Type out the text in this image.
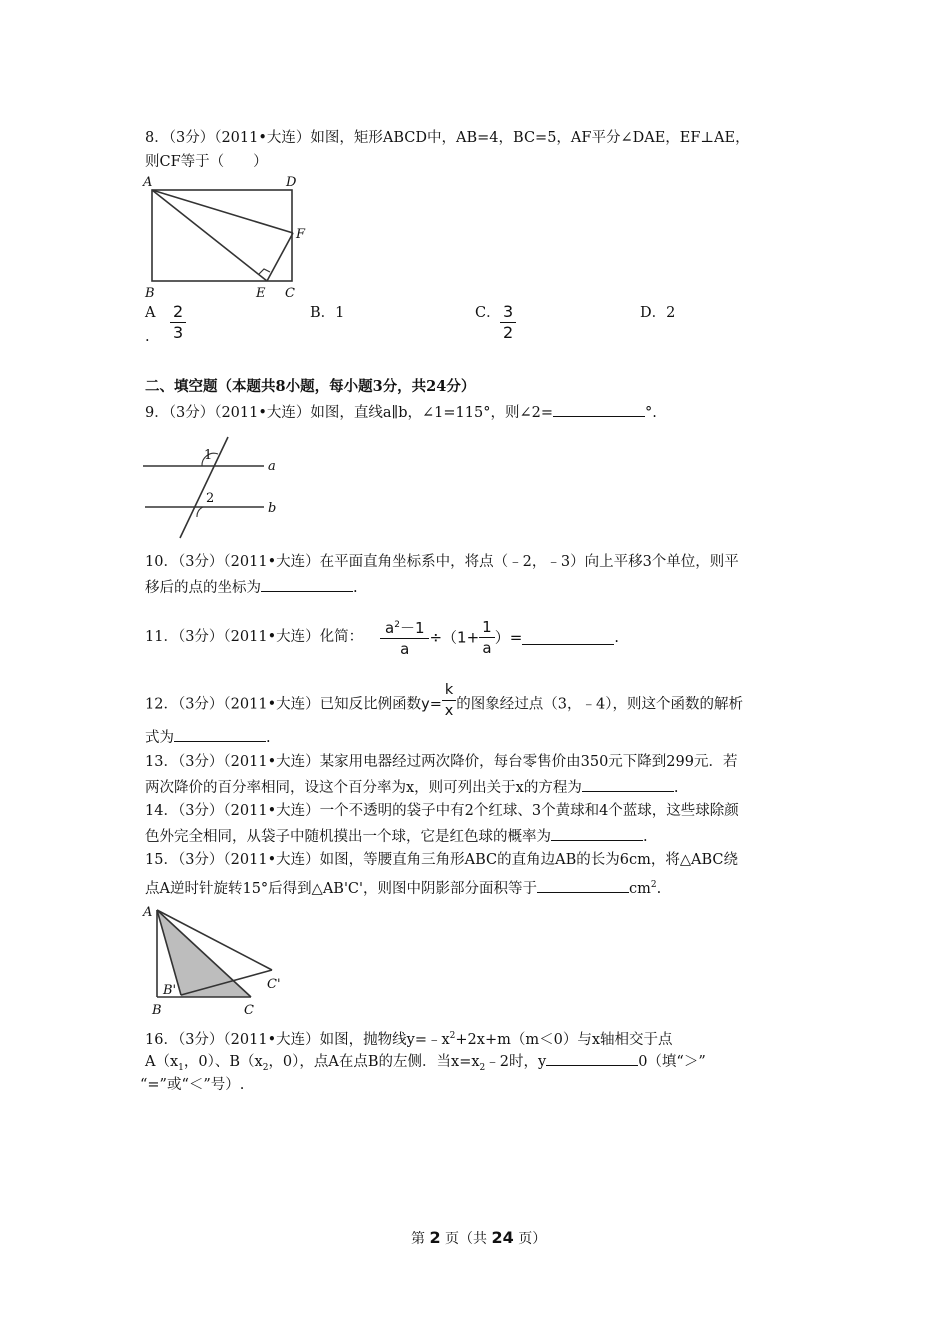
8．（3分）（2011•大连）如图，矩形ABCD中，AB=4，BC=5，AF平分∠DAE，EF⊥AE，
则CF等于（　　）
A	D
F
B	E C
A
. $\frac{2}{3}$	B．1	C． $\frac{3}{2}$	D．2
二、填空题（本题共8小题，每小题3分，共24分）
9．（3分）（2011•大连）如图，直线a∥b，∠1=115°，则∠2=	°.
1
2
a
b
10．（3分）（2011•大连）在平面直角坐标系中，将点（﹣2，﹣3）向上平移3个单位，则平
移后的点的坐标为	.
11．（3分）（2011•大连）化简： $\frac{a^2-1}{a} \div(1+ \frac{1}{a}$ ）=	.
12．（3分）（2011•大连）已知反比例函数$y= \frac{k}{x}$ 的图象经过点（3，﹣4），则这个函数的解析
式为	.
13．（3分）（2011•大连）某家用电器经过两次降价，每台零售价由350元下降到299元．若
两次降价的百分率相同，设这个百分率为x，则可列出关于x的方程为	.
14．（3分）（2011•大连）一个不透明的袋子中有2个红球、3个黄球和4个蓝球，这些球除颜
色外完全相同，从袋子中随机摸出一个球，它是红色球的概率为	.
15．（3分）（2011•大连）如图，等腰直角三角形ABC的直角边AB的长为6cm，将△ABC绕
点A逆时针旋转15°后得到△AB'C'，则图中阴影部分面积等于	$cm^2$.
A
B	C
B'	C'
16．（3分）（2011•大连）如图，抛物线$y=﹣x^2+2x+m(m<0)$与x轴相交于点
$A(x_1$，0）、$B(x_2$，0），点A在点B的左侧．当$x=x_2﹣2$时，y	0（填“＞”
“=”或“＜”号）.
第 2 页（共 24 页）
